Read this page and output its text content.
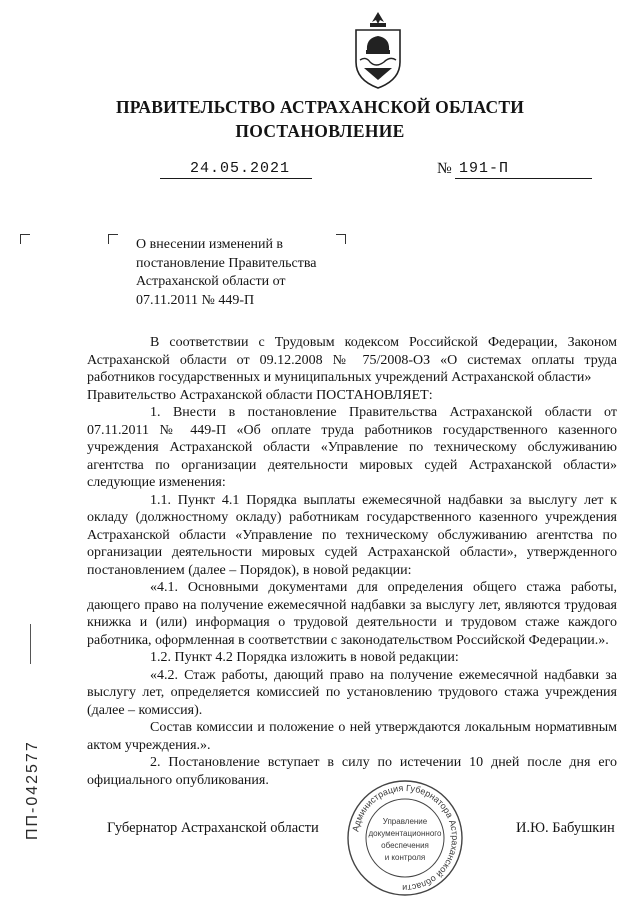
ПРАВИТЕЛЬСТВО АСТРАХАНСКОЙ ОБЛАСТИ
ПОСТАНОВЛЕНИЕ
24.05.2021	№ 191-П
О внесении изменений в постановление Правительства Астраханской области от 07.11.2011 № 449-П

В соответствии с Трудовым кодексом Российской Федерации, Законом Астраханской области от 09.12.2008 № 75/2008-ОЗ «О системах оплаты труда работников государственных и муниципальных учреждений Астраханской области»

Правительство Астраханской области ПОСТАНОВЛЯЕТ:

1. Внести в постановление Правительства Астраханской области от 07.11.2011 № 449-П «Об оплате труда работников государственного казенного учреждения Астраханской области «Управление по техническому обслуживанию агентства по организации деятельности мировых судей Астраханской области» следующие изменения:

1.1. Пункт 4.1 Порядка выплаты ежемесячной надбавки за выслугу лет к окладу (должностному окладу) работникам государственного казенного учреждения Астраханской области «Управление по техническому обслуживанию агентства по организации деятельности мировых судей Астраханской области», утвержденного постановлением (далее – Порядок), в новой редакции:

«4.1. Основными документами для определения общего стажа работы, дающего право на получение ежемесячной надбавки за выслугу лет, являются трудовая книжка и (или) информация о трудовой деятельности и трудовом стаже каждого работника, оформленная в соответствии с законодательством Российской Федерации.».

1.2. Пункт 4.2 Порядка изложить в новой редакции:

«4.2. Стаж работы, дающий право на получение ежемесячной надбавки за выслугу лет, определяется комиссией по установлению трудового стажа учреждения (далее – комиссия).

Состав комиссии и положение о ней утверждаются локальным нормативным актом учреждения.».

2. Постановление вступает в силу по истечении 10 дней после дня его официального опубликования.

ПП-042577	Губернатор Астраханской области	И.Ю. Бабушкин
Администрация Губернатора Астраханской области
Управление
документационного
обеспечения
и контроля
